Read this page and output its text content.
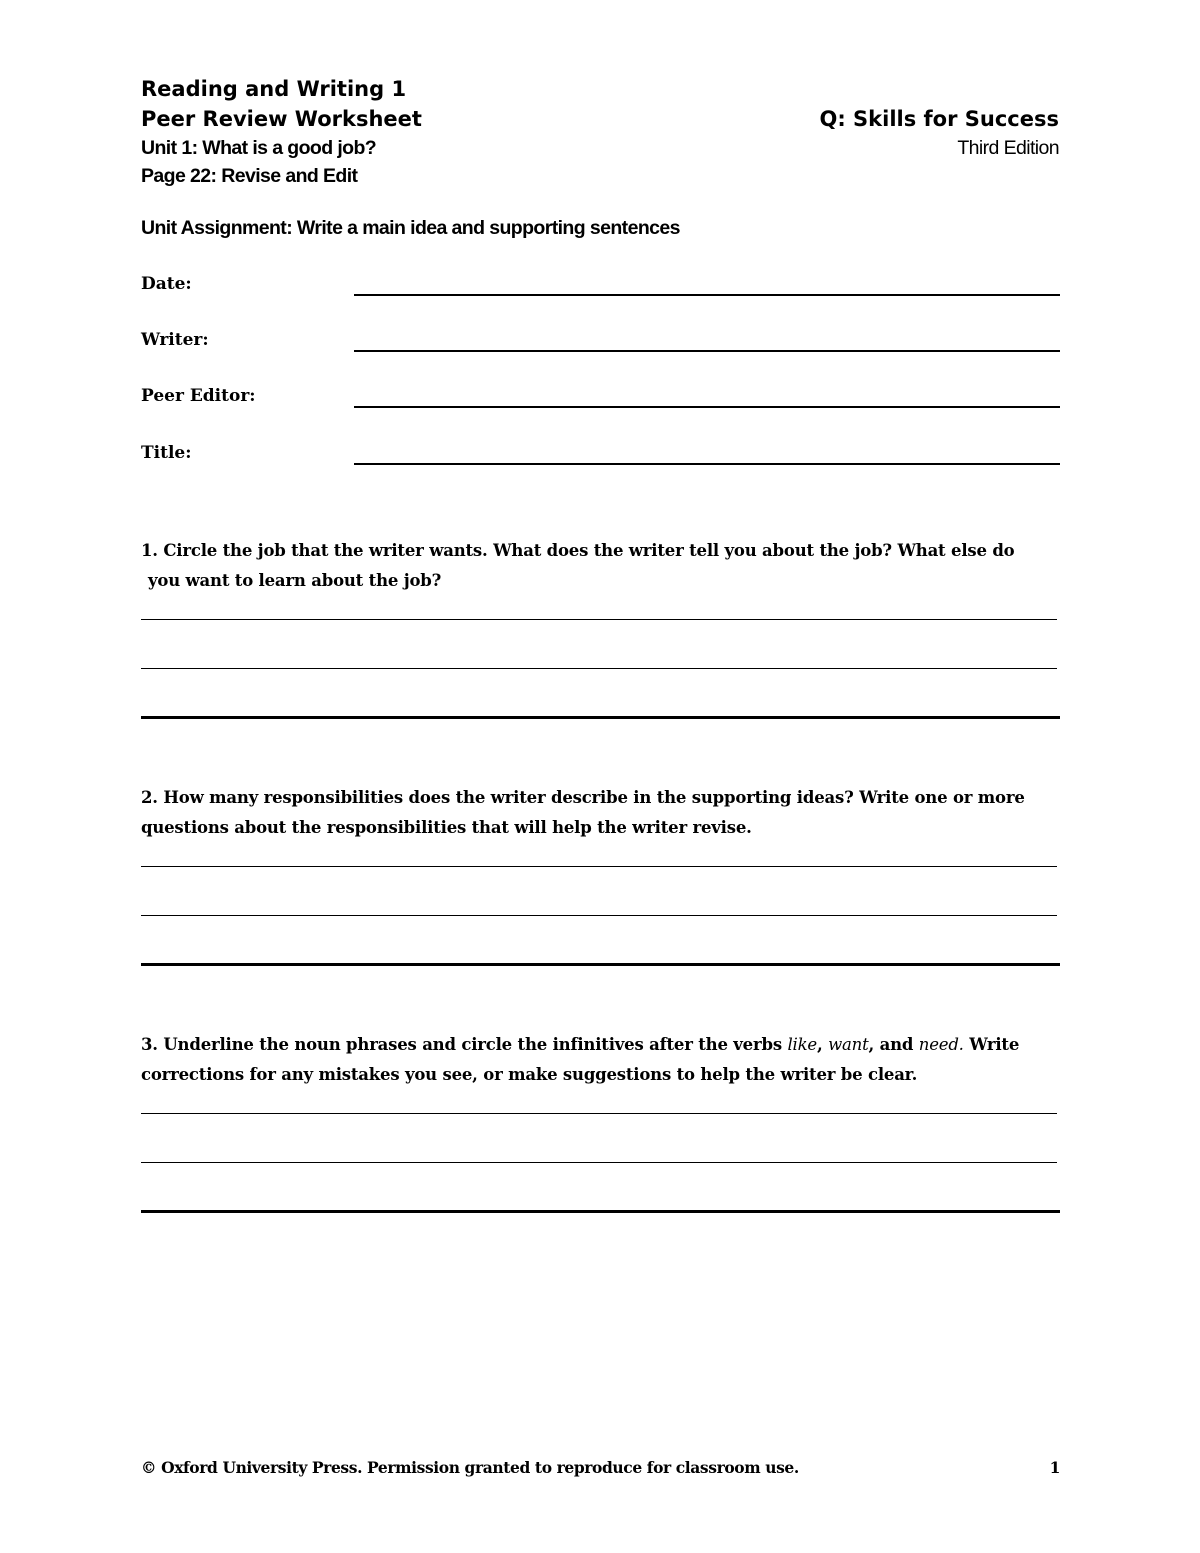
Reading and Writing 1
Peer Review Worksheet
Unit 1: What is a good job?
Page 22: Revise and Edit
Q: Skills for Success
Third Edition
Unit Assignment: Write a main idea and supporting sentences
Date:
Writer:
Peer Editor:
Title:
1. Circle the job that the writer wants. What does the writer tell you about the job? What else do
you want to learn about the job?
2. How many responsibilities does the writer describe in the supporting ideas? Write one or more
questions about the responsibilities that will help the writer revise.
3. Underline the noun phrases and circle the infinitives after the verbs like, want, and need. Write
corrections for any mistakes you see, or make suggestions to help the writer be clear.
© Oxford University Press. Permission granted to reproduce for classroom use.	1
